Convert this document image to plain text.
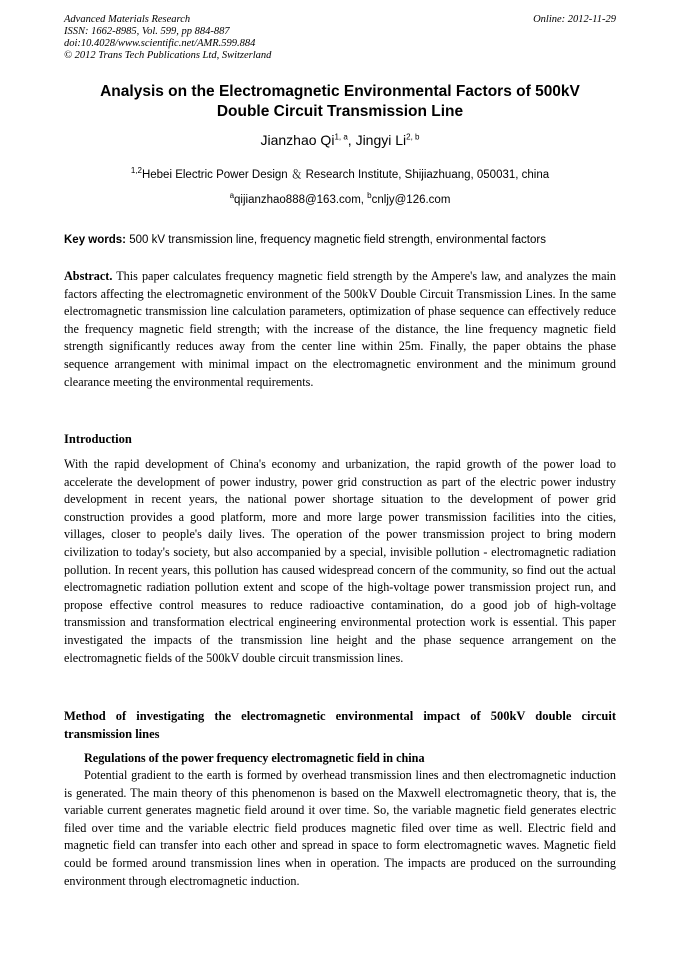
Advanced Materials Research
ISSN: 1662-8985, Vol. 599, pp 884-887
doi:10.4028/www.scientific.net/AMR.599.884
© 2012 Trans Tech Publications Ltd, Switzerland
Online: 2012-11-29
Analysis on the Electromagnetic Environmental Factors of 500kV
Double Circuit Transmission Line
Jianzhao Qi$^{1, a}$, Jingyi Li$^{2, b}$
$^{1,2}$Hebei Electric Power Design ＆ Research Institute, Shijiazhuang, 050031, china
$^a$qijianzhao888@163.com, $^b$cnljy@126.com
Key words: 500 kV transmission line, frequency magnetic field strength, environmental factors
Abstract. This paper calculates frequency magnetic field strength by the Ampere's law, and analyzes the main factors affecting the electromagnetic environment of the 500kV Double Circuit Transmission Lines. In the same electromagnetic transmission line calculation parameters, optimization of phase sequence can effectively reduce the frequency magnetic field strength; with the increase of the distance, the line frequency magnetic field strength significantly reduces away from the center line within 25m. Finally, the paper obtains the phase sequence arrangement with minimal impact on the electromagnetic environment and the minimum ground clearance meeting the environmental requirements.
Introduction
With the rapid development of China's economy and urbanization, the rapid growth of the power load to accelerate the development of power industry, power grid construction as part of the electric power industry development in recent years, the national power shortage situation to the development of power grid construction provides a good platform, more and more large power transmission facilities into the cities, villages, closer to people's daily lives. The operation of the power transmission project to bring modern civilization to today's society, but also accompanied by a special, invisible pollution - electromagnetic radiation pollution. In recent years, this pollution has caused widespread concern of the community, so find out the actual electromagnetic radiation pollution extent and scope of the high-voltage power transmission project run, and propose effective control measures to reduce radioactive contamination, do a good job of high-voltage transmission and transformation electrical engineering environmental protection work is essential. This paper investigated the impacts of the transmission line height and the phase sequence arrangement on the electromagnetic fields of the 500kV double circuit transmission lines.
Method of investigating the electromagnetic environmental impact of 500kV double circuit transmission lines
Regulations of the power frequency electromagnetic field in china
Potential gradient to the earth is formed by overhead transmission lines and then electromagnetic induction is generated. The main theory of this phenomenon is based on the Maxwell electromagnetic theory, that is, the variable current generates magnetic field around it over time. So, the variable magnetic field generates electric filed over time and the variable electric field produces magnetic filed over time as well. Electric field and magnetic field can transfer into each other and spread in space to form electromagnetic waves. Magnetic field could be formed around transmission lines when in operation. The impacts are produced on the surrounding environment through electromagnetic induction.
